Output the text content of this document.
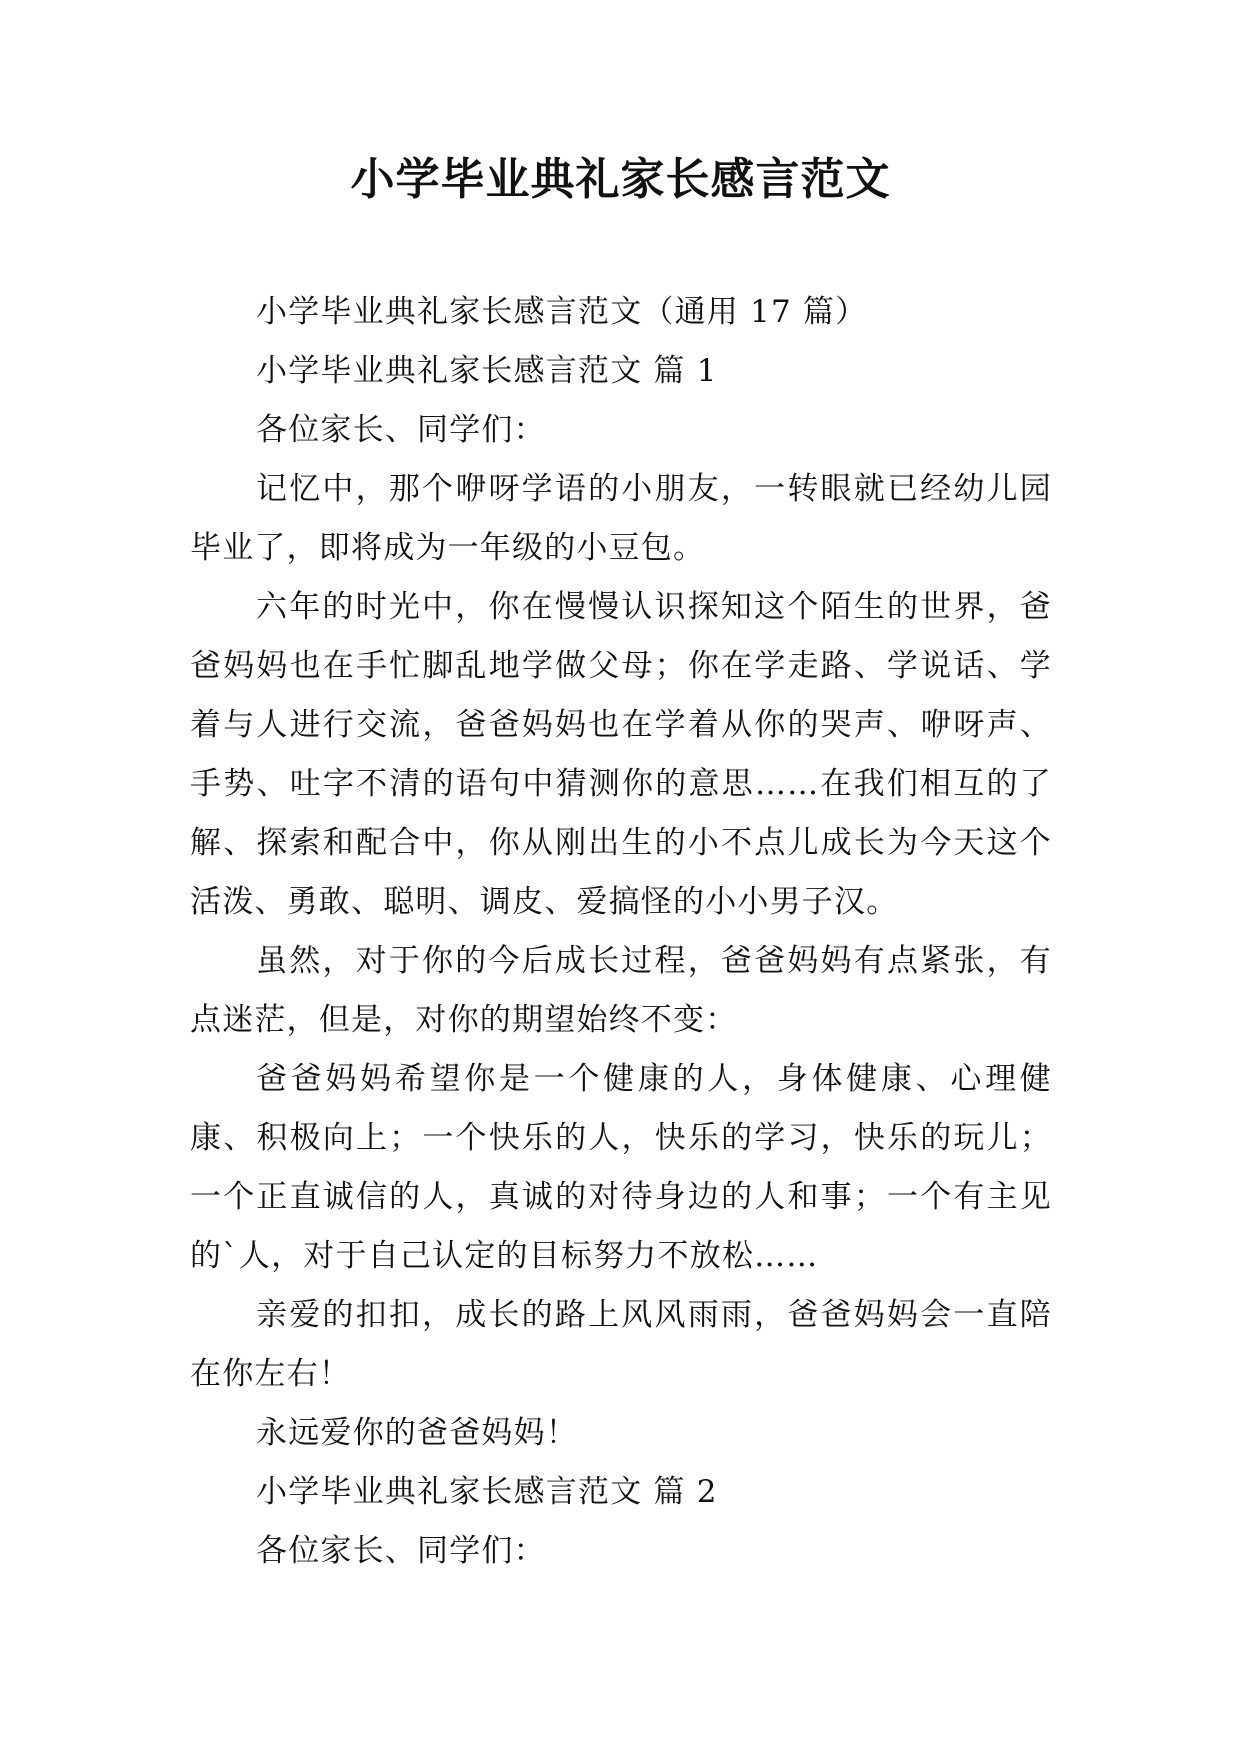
小学毕业典礼家长感言范文

小学毕业典礼家长感言范文（通用 17 篇）

小学毕业典礼家长感言范文 篇 1

各位家长、同学们：

记忆中，那个咿呀学语的小朋友，一转眼就已经幼儿园毕业了，即将成为一年级的小豆包。

六年的时光中，你在慢慢认识探知这个陌生的世界，爸爸妈妈也在手忙脚乱地学做父母；你在学走路、学说话、学着与人进行交流，爸爸妈妈也在学着从你的哭声、咿呀声、手势、吐字不清的语句中猜测你的意思……在我们相互的了解、探索和配合中，你从刚出生的小不点儿成长为今天这个活泼、勇敢、聪明、调皮、爱搞怪的小小男子汉。

虽然，对于你的今后成长过程，爸爸妈妈有点紧张，有点迷茫，但是，对你的期望始终不变：

爸爸妈妈希望你是一个健康的人，身体健康、心理健康、积极向上；一个快乐的人，快乐的学习，快乐的玩儿；一个正直诚信的人，真诚的对待身边的人和事；一个有主见的`人，对于自己认定的目标努力不放松……

亲爱的扣扣，成长的路上风风雨雨，爸爸妈妈会一直陪在你左右！

永远爱你的爸爸妈妈！

小学毕业典礼家长感言范文 篇 2

各位家长、同学们：
